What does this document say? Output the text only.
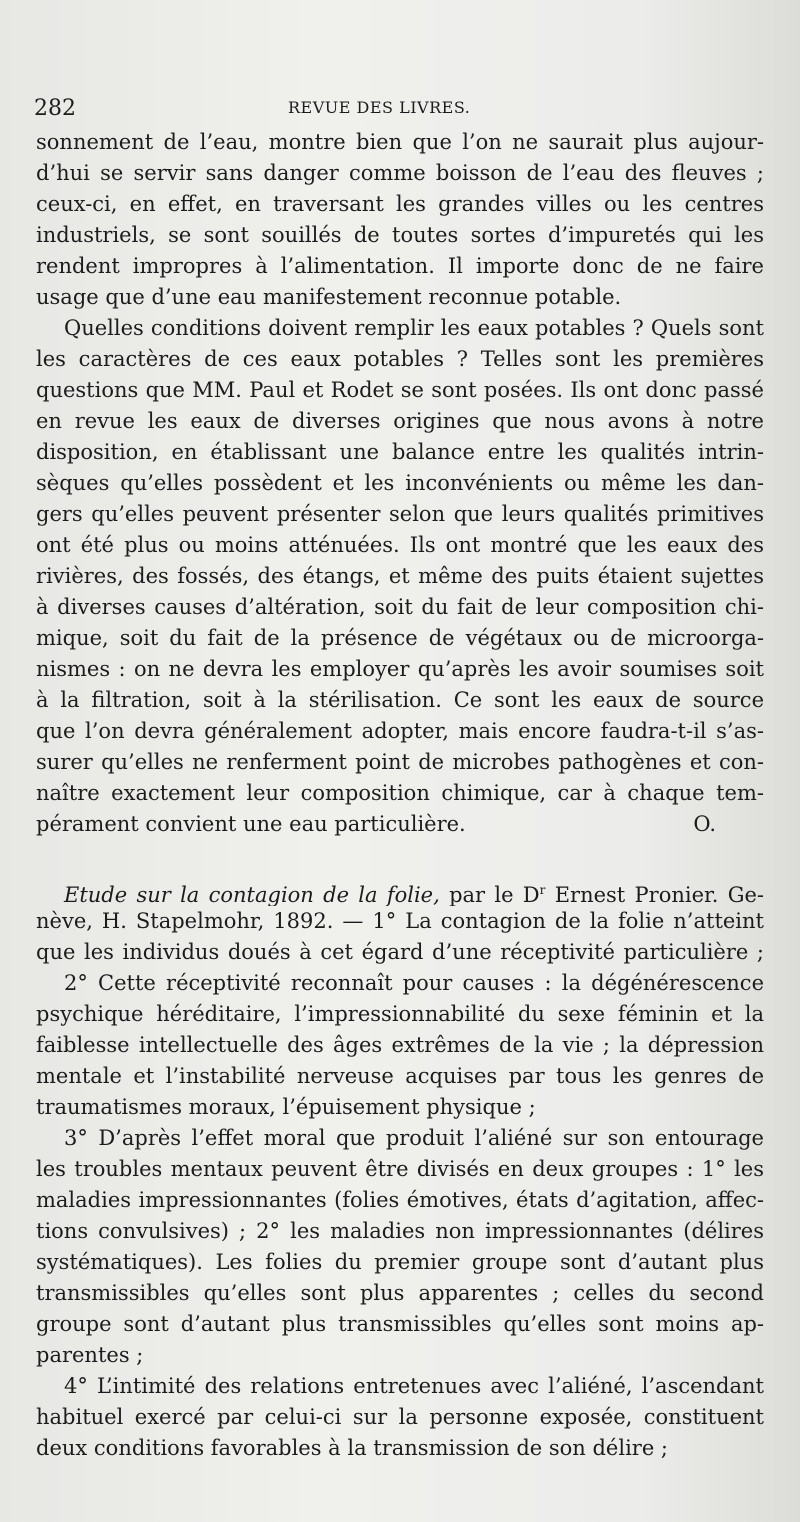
282	REVUE DES LIVRES.
sonnement de l’eau, montre bien que l’on ne saurait plus aujour-
d’hui se servir sans danger comme boisson de l’eau des fleuves ;
ceux-ci, en effet, en traversant les grandes villes ou les centres
industriels, se sont souillés de toutes sortes d’impuretés qui les
rendent impropres à l’alimentation. Il importe donc de ne faire
usage que d’une eau manifestement reconnue potable.
Quelles conditions doivent remplir les eaux potables ? Quels sont
les caractères de ces eaux potables ? Telles sont les premières
questions que MM. Paul et Rodet se sont posées. Ils ont donc passé
en revue les eaux de diverses origines que nous avons à notre
disposition, en établissant une balance entre les qualités intrin-
sèques qu’elles possèdent et les inconvénients ou même les dan-
gers qu’elles peuvent présenter selon que leurs qualités primitives
ont été plus ou moins atténuées. Ils ont montré que les eaux des
rivières, des fossés, des étangs, et même des puits étaient sujettes
à diverses causes d’altération, soit du fait de leur composition chi-
mique, soit du fait de la présence de végétaux ou de microorga-
nismes : on ne devra les employer qu’après les avoir soumises soit
à la filtration, soit à la stérilisation. Ce sont les eaux de source
que l’on devra généralement adopter, mais encore faudra-t-il s’as-
surer qu’elles ne renferment point de microbes pathogènes et con-
naître exactement leur composition chimique, car à chaque tem-
pérament convient une eau particulière.	O.
Etude sur la contagion de la folie, par le $D^r$ Ernest Pronier. Ge-
nève, H. Stapelmohr, 1892. — 1° La contagion de la folie n’atteint
que les individus doués à cet égard d’une réceptivité particulière ;
2° Cette réceptivité reconnaît pour causes : la dégénérescence
psychique héréditaire, l’impressionnabilité du sexe féminin et la
faiblesse intellectuelle des âges extrêmes de la vie ; la dépression
mentale et l’instabilité nerveuse acquises par tous les genres de
traumatismes moraux, l’épuisement physique ;
3° D’après l’effet moral que produit l’aliéné sur son entourage
les troubles mentaux peuvent être divisés en deux groupes : 1° les
maladies impressionnantes (folies émotives, états d’agitation, affec-
tions convulsives) ; 2° les maladies non impressionnantes (délires
systématiques). Les folies du premier groupe sont d’autant plus
transmissibles qu’elles sont plus apparentes ; celles du second
groupe sont d’autant plus transmissibles qu’elles sont moins ap-
parentes ;
4° L’intimité des relations entretenues avec l’aliéné, l’ascendant
habituel exercé par celui-ci sur la personne exposée, constituent
deux conditions favorables à la transmission de son délire ;
